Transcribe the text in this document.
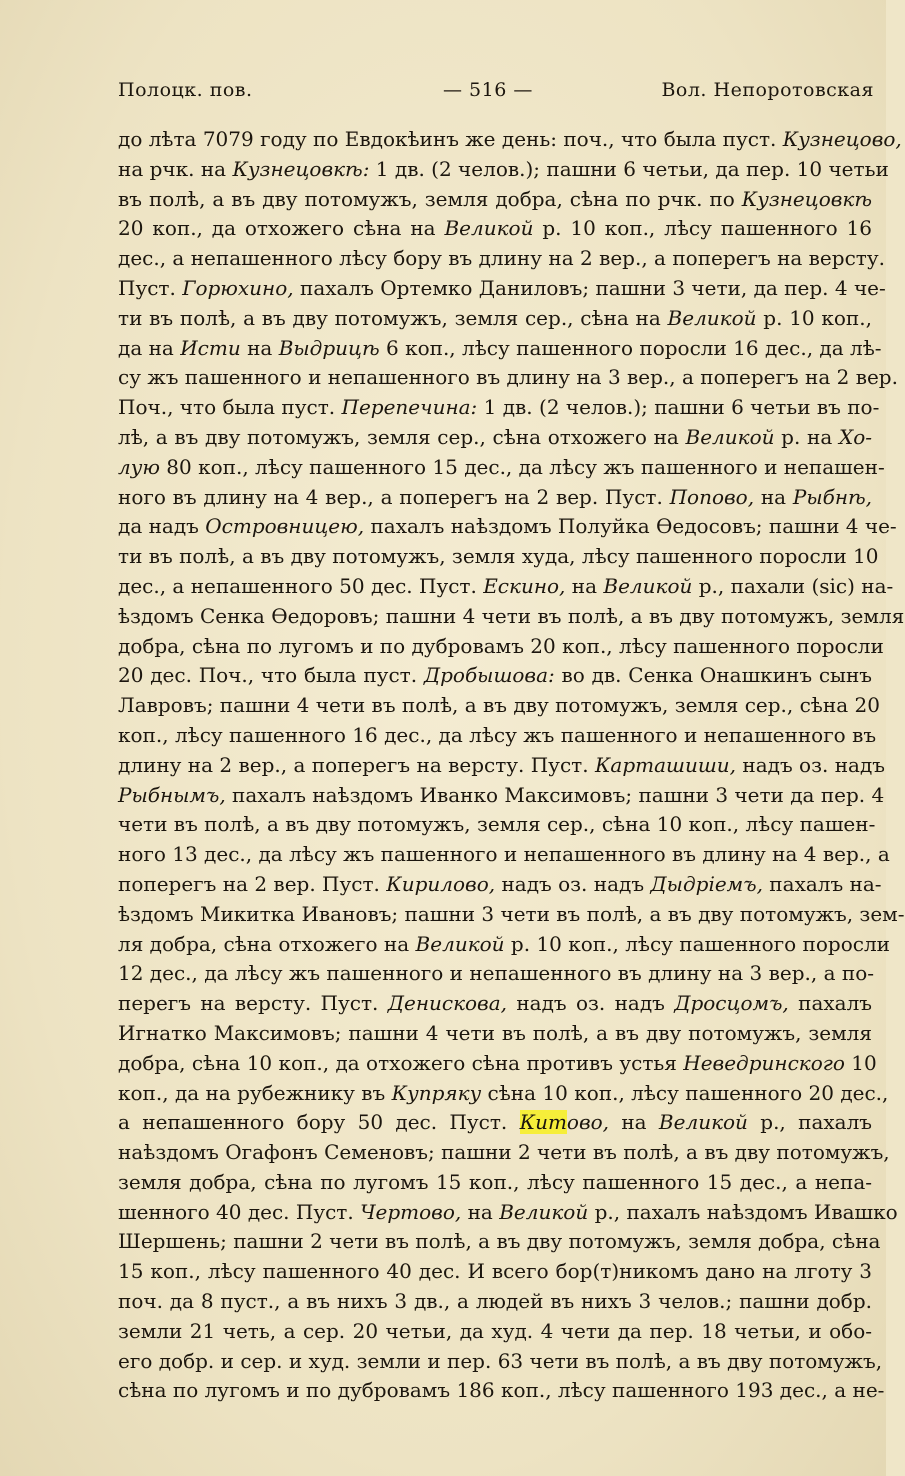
Полоцк. пов.	— 516 —	Вол. Непоротовская
до лѣта 7079 году по Евдокѣинъ же день: поч., что была пуст. Кузнецово,
на рчк. на Кузнецовкѣ: 1 дв. (2 челов.); пашни 6 четьи, да пер. 10 четьи
въ полѣ, а въ дву потомужъ, земля добра, сѣна по рчк. по Кузнецовкѣ
20 коп., да отхожего сѣна на Великой р. 10 коп., лѣсу пашенного 16
дес., а непашенного лѣсу бору въ длину на 2 вер., а поперегъ на версту.
Пуст. Горюхино, пахалъ Ортемко Даниловъ; пашни 3 чети, да пер. 4 че-
ти въ полѣ, а въ дву потомужъ, земля сер., сѣна на Великой р. 10 коп.,
да на Исти на Выдрицѣ 6 коп., лѣсу пашенного поросли 16 дес., да лѣ-
су жъ пашенного и непашенного въ длину на 3 вер., а поперегъ на 2 вер.
Поч., что была пуст. Перепечина: 1 дв. (2 челов.); пашни 6 четьи въ по-
лѣ, а въ дву потомужъ, земля сер., сѣна отхожего на Великой р. на Хо-
лую 80 коп., лѣсу пашенного 15 дес., да лѣсу жъ пашенного и непашен-
ного въ длину на 4 вер., а поперегъ на 2 вер. Пуст. Попово, на Рыбнѣ,
да надъ Островницею, пахалъ наѣздомъ Полуйка Ѳедосовъ; пашни 4 че-
ти въ полѣ, а въ дву потомужъ, земля худа, лѣсу пашенного поросли 10
дес., а непашенного 50 дес. Пуст. Ескино, на Великой р., пахали (sic) на-
ѣздомъ Сенка Ѳедоровъ; пашни 4 чети въ полѣ, а въ дву потомужъ, земля
добра, сѣна по лугомъ и по дубровамъ 20 коп., лѣсу пашенного поросли
20 дес. Поч., что была пуст. Дробышова: во дв. Сенка Онашкинъ сынъ
Лавровъ; пашни 4 чети въ полѣ, а въ дву потомужъ, земля сер., сѣна 20
коп., лѣсу пашенного 16 дес., да лѣсу жъ пашенного и непашенного въ
длину на 2 вер., а поперегъ на версту. Пуст. Карташиши, надъ оз. надъ
Рыбнымъ, пахалъ наѣздомъ Иванко Максимовъ; пашни 3 чети да пер. 4
чети въ полѣ, а въ дву потомужъ, земля сер., сѣна 10 коп., лѣсу пашен-
ного 13 дес., да лѣсу жъ пашенного и непашенного въ длину на 4 вер., а
поперегъ на 2 вер. Пуст. Кирилово, надъ оз. надъ Дыдріемъ, пахалъ на-
ѣздомъ Микитка Ивановъ; пашни 3 чети въ полѣ, а въ дву потомужъ, зем-
ля добра, сѣна отхожего на Великой р. 10 коп., лѣсу пашенного поросли
12 дес., да лѣсу жъ пашенного и непашенного въ длину на 3 вер., а по-
перегъ на версту. Пуст. Денискова, надъ оз. надъ Дросцомъ, пахалъ
Игнатко Максимовъ; пашни 4 чети въ полѣ, а въ дву потомужъ, земля
добра, сѣна 10 коп., да отхожего сѣна противъ устья Неведринского 10
коп., да на рубежнику въ Купряку сѣна 10 коп., лѣсу пашенного 20 дес.,
а непашенного бору 50 дес. Пуст. Китово, на Великой р., пахалъ
наѣздомъ Огафонъ Семеновъ; пашни 2 чети въ полѣ, а въ дву потомужъ,
земля добра, сѣна по лугомъ 15 коп., лѣсу пашенного 15 дес., а непа-
шенного 40 дес. Пуст. Чертово, на Великой р., пахалъ наѣздомъ Ивашко
Шершень; пашни 2 чети въ полѣ, а въ дву потомужъ, земля добра, сѣна
15 коп., лѣсу пашенного 40 дес. И всего бор(т)никомъ дано на лготу 3
поч. да 8 пуст., а въ нихъ 3 дв., а людей въ нихъ 3 челов.; пашни добр.
земли 21 четь, а сер. 20 четьи, да худ. 4 чети да пер. 18 четьи, и обо-
его добр. и сер. и худ. земли и пер. 63 чети въ полѣ, а въ дву потомужъ,
сѣна по лугомъ и по дубровамъ 186 коп., лѣсу пашенного 193 дес., а не-
